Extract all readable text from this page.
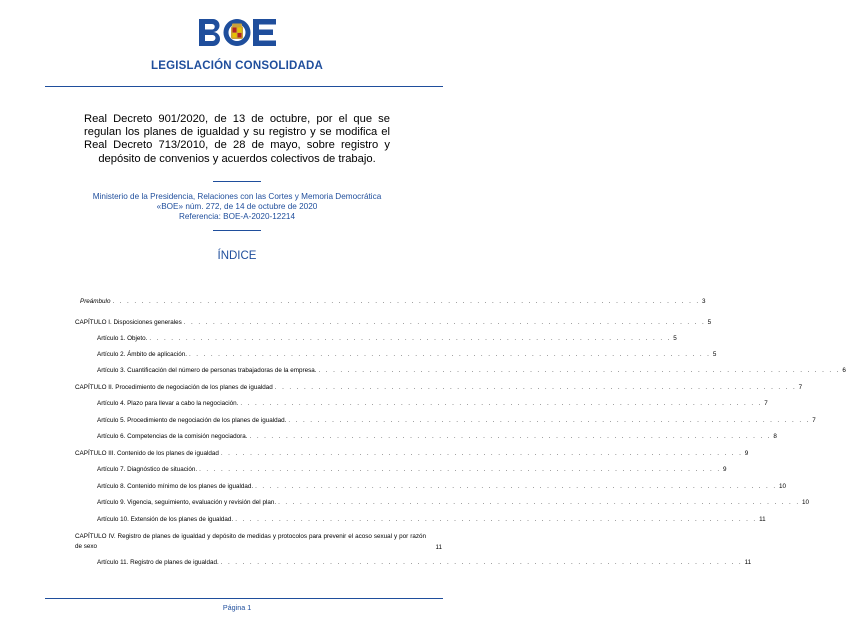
LEGISLACIÓN CONSOLIDADA
Real Decreto 901/2020, de 13 de octubre, por el que se regulan los planes de igualdad y su registro y se modifica el Real Decreto 713/2010, de 28 de mayo, sobre registro y depósito de convenios y acuerdos colectivos de trabajo.
Ministerio de la Presidencia, Relaciones con las Cortes y Memoria Democrática
«BOE» núm. 272, de 14 de octubre de 2020
Referencia: BOE-A-2020-12214
ÍNDICE
Preámbulo . . . . . . . . . . . . . . . . . . . . . . . . . . . . . . . . . . . . . . . . . . . . . . . . . . . . . . . . . . . . . . . . . . . . . . . . . . . . . . . . . 3
CAPÍTULO I. Disposiciones generales . . . . . . . . . . . . . . . . . . . . . . . . . . . . . . . . . . . . . . . . . . . . . . . . . . . . . . . . . . . . . . . . . . . . . . . . 5
Artículo 1. Objeto. . . . . . . . . . . . . . . . . . . . . . . . . . . . . . . . . . . . . . . . . . . . . . . . . . . . . . . . . . . . . . . . . . . . . . . . . 5
Artículo 2. Ámbito de aplicación. . . . . . . . . . . . . . . . . . . . . . . . . . . . . . . . . . . . . . . . . . . . . . . . . . . . . . . . . . . . . . . . . . . . . . . . . 5
Artículo 3. Cuantificación del número de personas trabajadoras de la empresa. . . . . . . . . . . . . . . . . . . . . . . . . . . . . . . . . . . . . . . . . . . . . . . . . . . . . . . . . . . . . . . . . . . . . . . . . 6
CAPÍTULO II. Procedimiento de negociación de los planes de igualdad . . . . . . . . . . . . . . . . . . . . . . . . . . . . . . . . . . . . . . . . . . . . . . . . . . . . . . . . . . . . . . . . . . . . . . . . 7
Artículo 4. Plazo para llevar a cabo la negociación. . . . . . . . . . . . . . . . . . . . . . . . . . . . . . . . . . . . . . . . . . . . . . . . . . . . . . . . . . . . . . . . . . . . . . . . . 7
Artículo 5. Procedimiento de negociación de los planes de igualdad. . . . . . . . . . . . . . . . . . . . . . . . . . . . . . . . . . . . . . . . . . . . . . . . . . . . . . . . . . . . . . . . . . . . . . . . . 7
Artículo 6. Competencias de la comisión negociadora. . . . . . . . . . . . . . . . . . . . . . . . . . . . . . . . . . . . . . . . . . . . . . . . . . . . . . . . . . . . . . . . . . . . . . . . . 8
CAPÍTULO III. Contenido de los planes de igualdad . . . . . . . . . . . . . . . . . . . . . . . . . . . . . . . . . . . . . . . . . . . . . . . . . . . . . . . . . . . . . . . . . . . . . . . . 9
Artículo 7. Diagnóstico de situación. . . . . . . . . . . . . . . . . . . . . . . . . . . . . . . . . . . . . . . . . . . . . . . . . . . . . . . . . . . . . . . . . . . . . . . . . 9
Artículo 8. Contenido mínimo de los planes de igualdad. . . . . . . . . . . . . . . . . . . . . . . . . . . . . . . . . . . . . . . . . . . . . . . . . . . . . . . . . . . . . . . . . . . . . . . . . 10
Artículo 9. Vigencia, seguimiento, evaluación y revisión del plan. . . . . . . . . . . . . . . . . . . . . . . . . . . . . . . . . . . . . . . . . . . . . . . . . . . . . . . . . . . . . . . . . . . . . . . . . 10
Artículo 10. Extensión de los planes de igualdad. . . . . . . . . . . . . . . . . . . . . . . . . . . . . . . . . . . . . . . . . . . . . . . . . . . . . . . . . . . . . . . . . . . . . . . . . 11
CAPÍTULO IV. Registro de planes de igualdad y depósito de medidas y protocolos para prevenir el acoso sexual y por razón de sexo	11
Artículo 11. Registro de planes de igualdad. . . . . . . . . . . . . . . . . . . . . . . . . . . . . . . . . . . . . . . . . . . . . . . . . . . . . . . . . . . . . . . . . . . . . . . . . 11
Página 1
